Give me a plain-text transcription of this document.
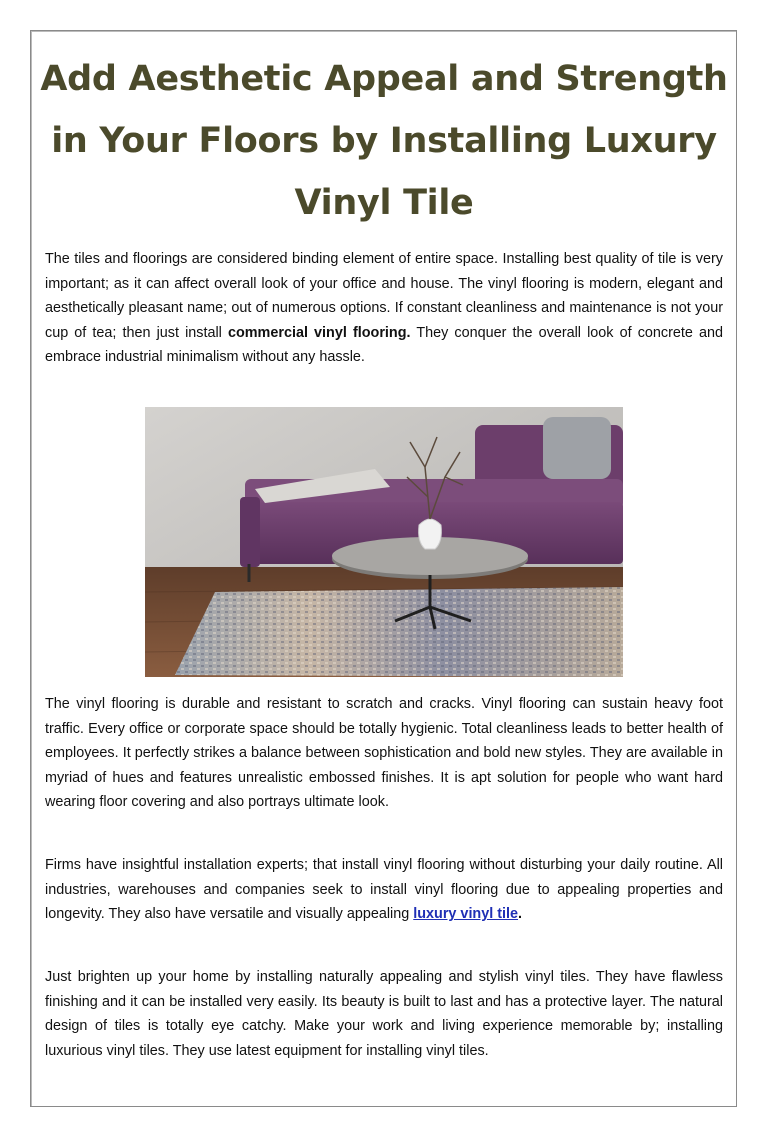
Add Aesthetic Appeal and Strength in Your Floors by Installing Luxury Vinyl Tile

The tiles and floorings are considered binding element of entire space. Installing best quality of tile is very important; as it can affect overall look of your office and house. The vinyl flooring is modern, elegant and aesthetically pleasant name; out of numerous options. If constant cleanliness and maintenance is not your cup of tea; then just install commercial vinyl flooring. They conquer the overall look of concrete and embrace industrial minimalism without any hassle.

The vinyl flooring is durable and resistant to scratch and cracks. Vinyl flooring can sustain heavy foot traffic. Every office or corporate space should be totally hygienic. Total cleanliness leads to better health of employees. It perfectly strikes a balance between sophistication and bold new styles. They are available in myriad of hues and features unrealistic embossed finishes. It is apt solution for people who want hard wearing floor covering and also portrays ultimate look.

Firms have insightful installation experts; that install vinyl flooring without disturbing your daily routine. All industries, warehouses and companies seek to install vinyl flooring due to appealing properties and longevity. They also have versatile and visually appealing luxury vinyl tile.

Just brighten up your home by installing naturally appealing and stylish vinyl tiles. They have flawless finishing and it can be installed very easily. Its beauty is built to last and has a protective layer. The natural design of tiles is totally eye catchy. Make your work and living experience memorable by; installing luxurious vinyl tiles. They use latest equipment for installing vinyl tiles.
